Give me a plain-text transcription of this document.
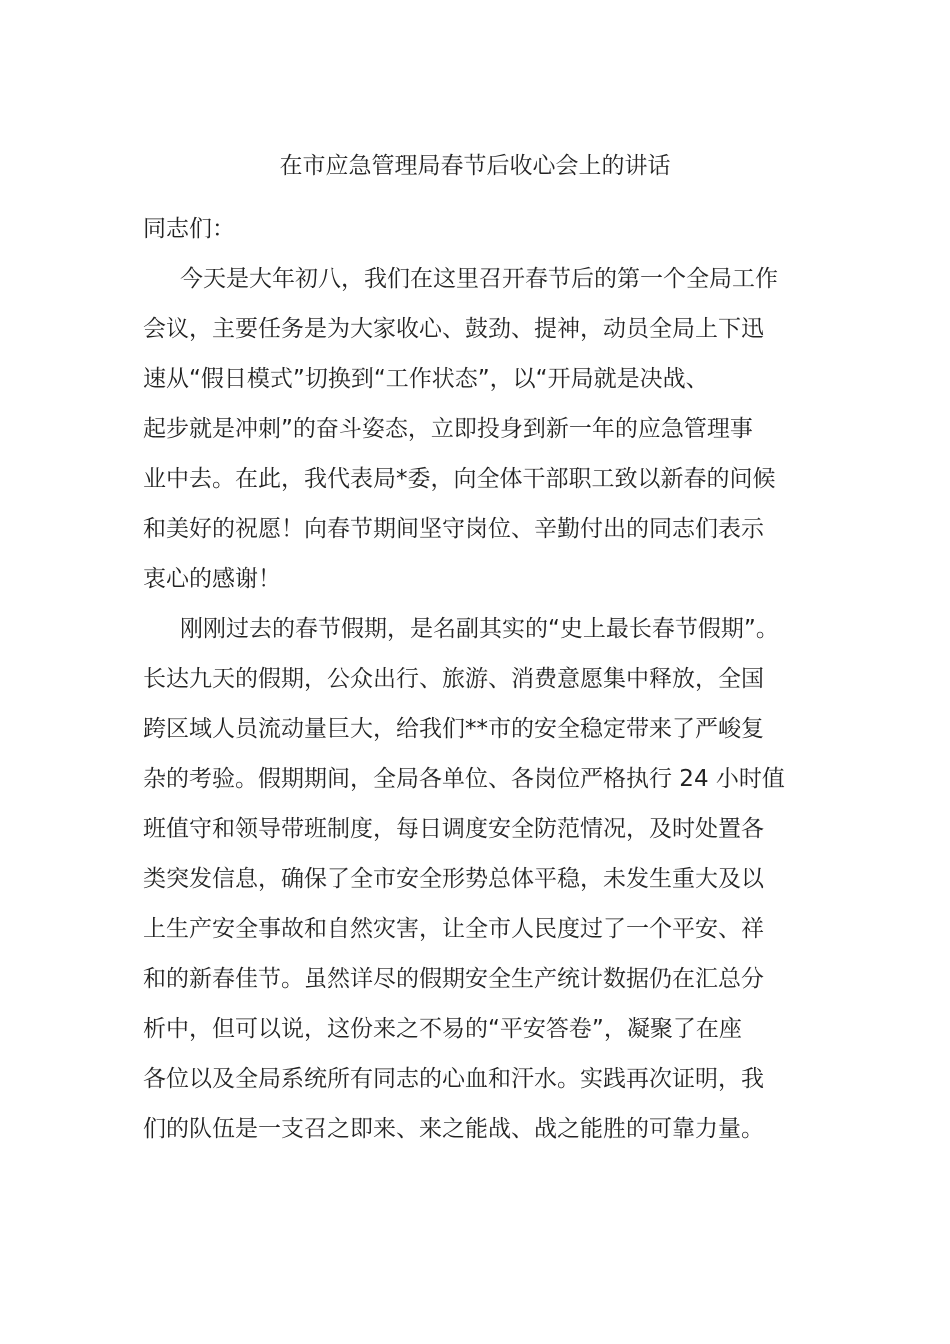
在市应急管理局春节后收心会上的讲话

同志们：

今天是大年初八，我们在这里召开春节后的第一个全局工作
会议，主要任务是为大家收心、鼓劲、提神，动员全局上下迅
速从“假日模式”切换到“工作状态”，以“开局就是决战、
起步就是冲刺”的奋斗姿态，立即投身到新一年的应急管理事
业中去。在此，我代表局*委，向全体干部职工致以新春的问候
和美好的祝愿！向春节期间坚守岗位、辛勤付出的同志们表示
衷心的感谢！
刚刚过去的春节假期，是名副其实的“史上最长春节假期”。
长达九天的假期，公众出行、旅游、消费意愿集中释放，全国
跨区域人员流动量巨大，给我们**市的安全稳定带来了严峻复
杂的考验。假期期间，全局各单位、各岗位严格执行 24 小时值
班值守和领导带班制度，每日调度安全防范情况，及时处置各
类突发信息，确保了全市安全形势总体平稳，未发生重大及以
上生产安全事故和自然灾害，让全市人民度过了一个平安、祥
和的新春佳节。虽然详尽的假期安全生产统计数据仍在汇总分
析中，但可以说，这份来之不易的“平安答卷”，凝聚了在座
各位以及全局系统所有同志的心血和汗水。实践再次证明，我
们的队伍是一支召之即来、来之能战、战之能胜的可靠力量。
